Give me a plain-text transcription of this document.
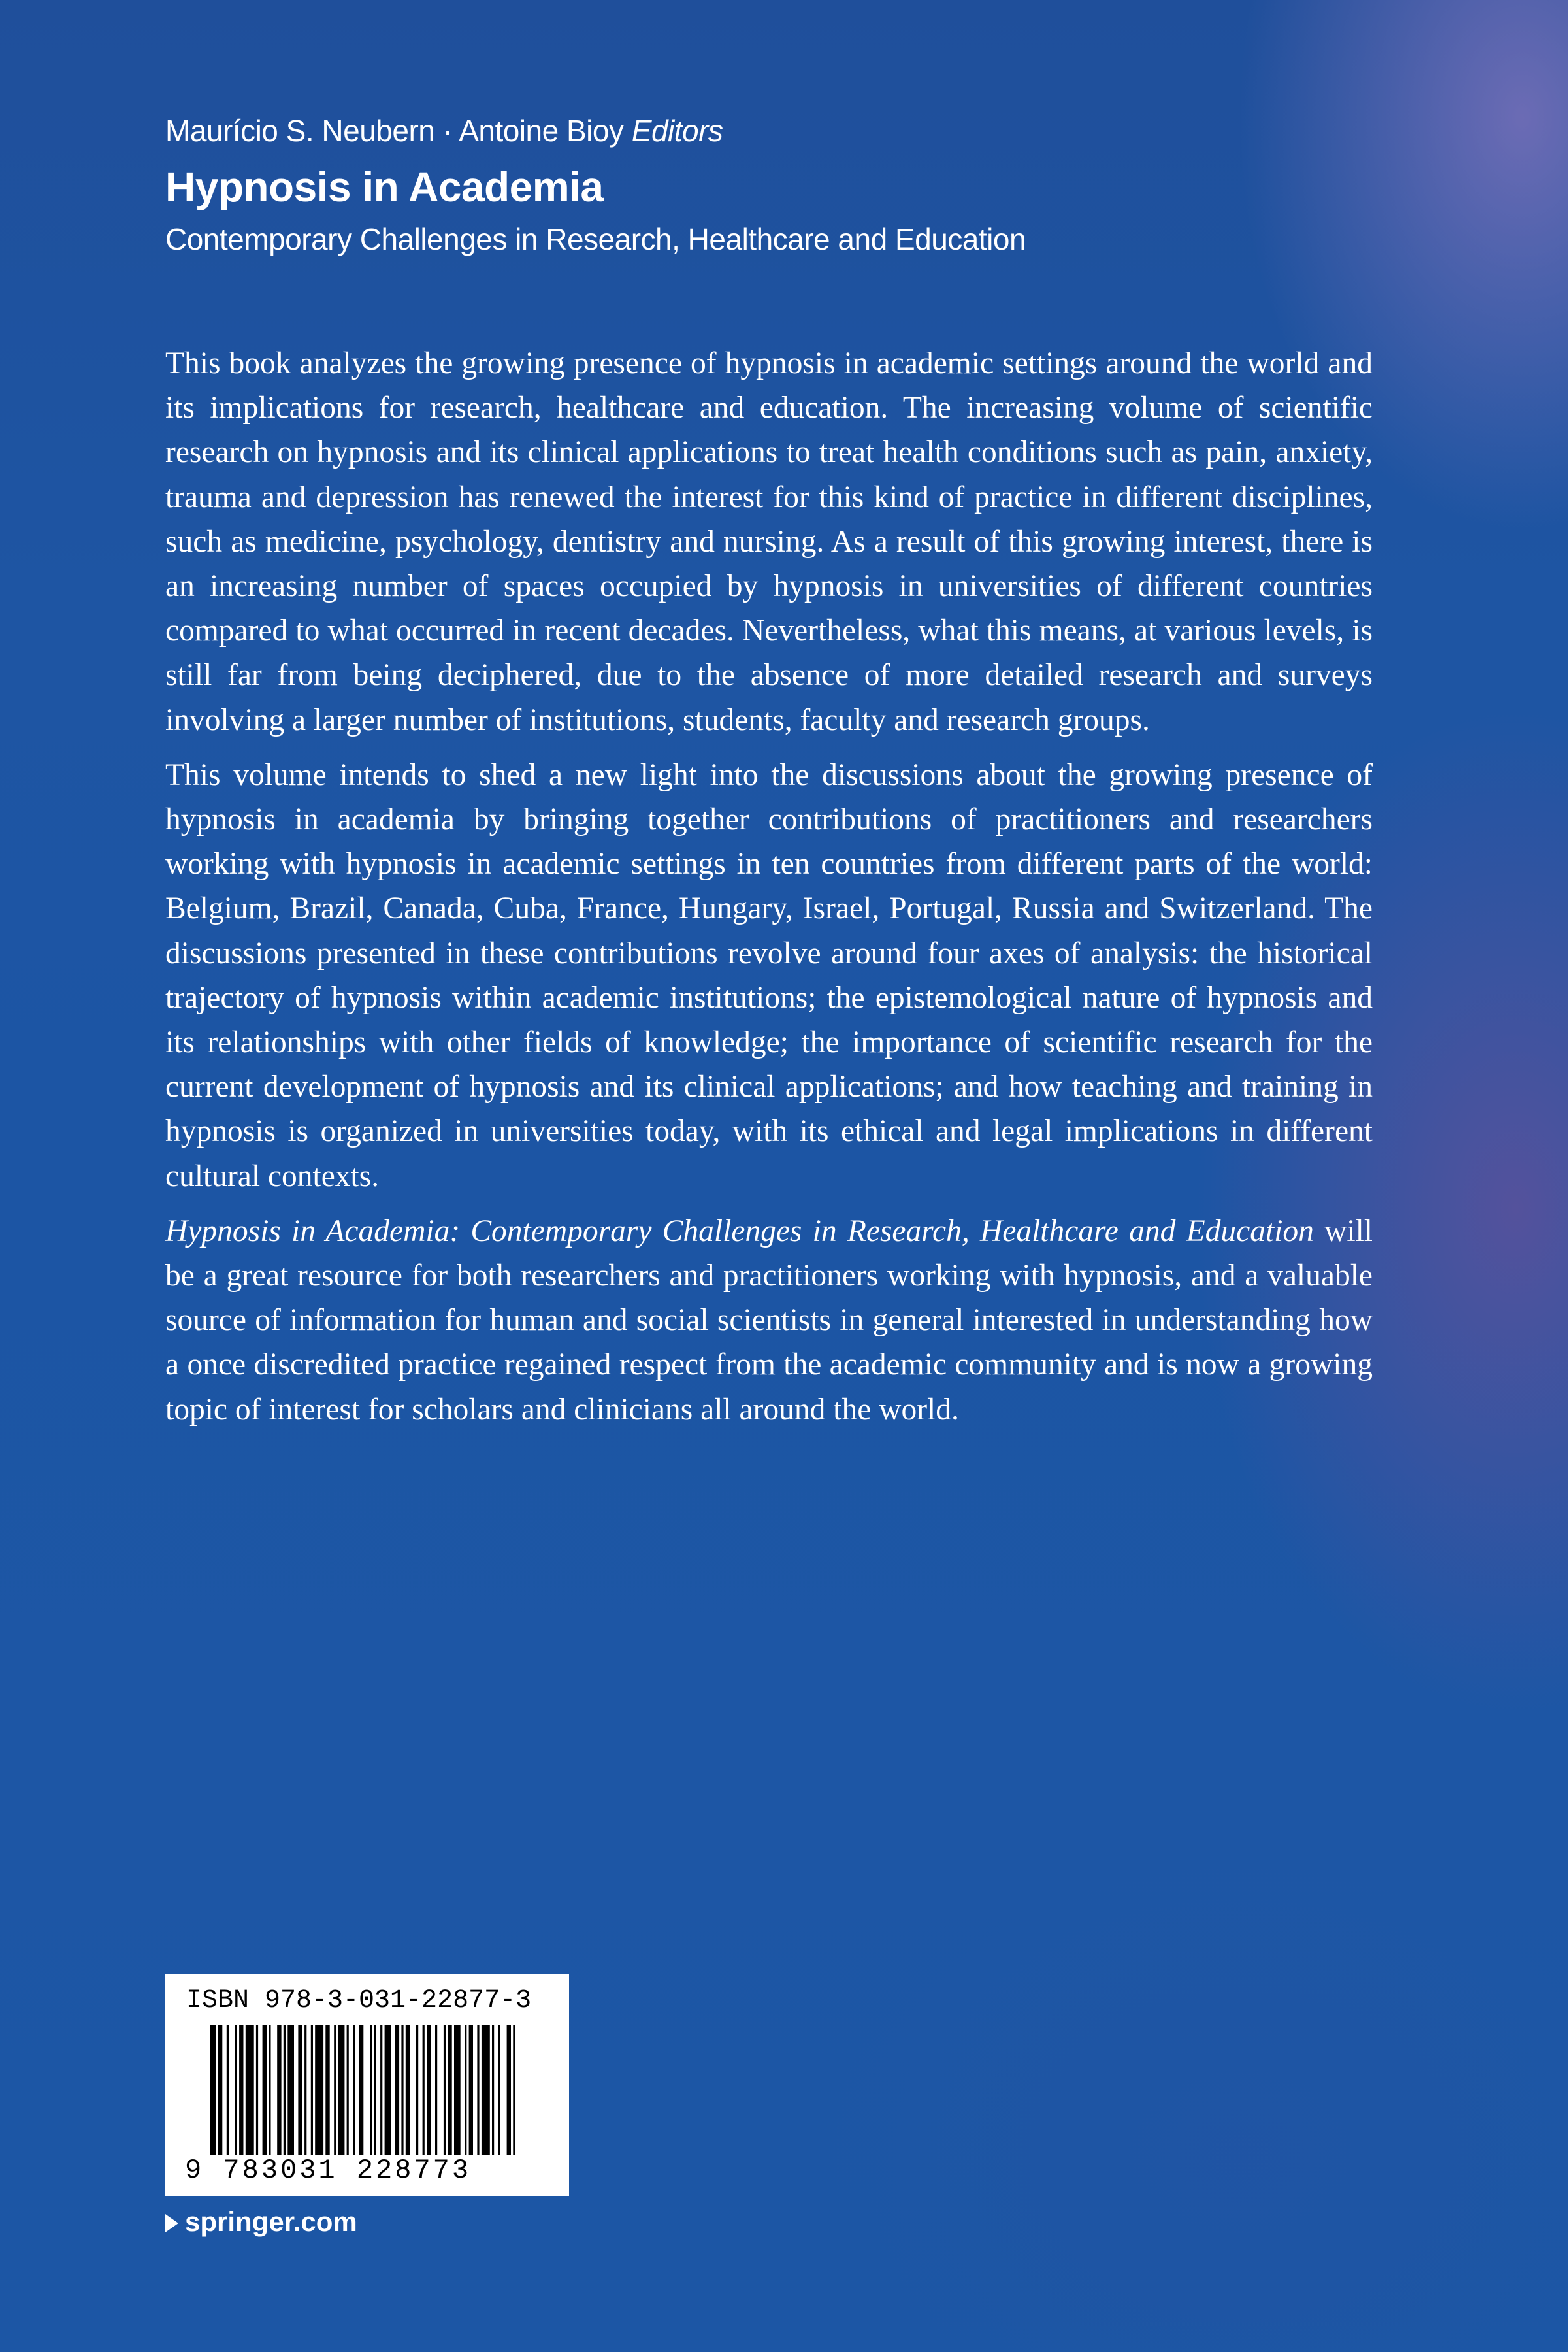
Maurício S. Neubern · Antoine Bioy Editors
Hypnosis in Academia
Contemporary Challenges in Research, Healthcare and Education

This book analyzes the growing presence of hypnosis in academic settings around the world and its implications for research, healthcare and education. The increasing volume of scientific research on hypnosis and its clinical applications to treat health conditions such as pain, anxiety, trauma and depression has renewed the interest for this kind of practice in different disciplines, such as medicine, psychology, dentistry and nursing. As a result of this growing interest, there is an increasing number of spaces occupied by hypnosis in universities of different countries compared to what occurred in recent decades. Nevertheless, what this means, at various levels, is still far from being deciphered, due to the absence of more detailed research and surveys involving a larger number of institutions, students, faculty and research groups.

This volume intends to shed a new light into the discussions about the growing presence of hypnosis in academia by bringing together contributions of practitioners and researchers working with hypnosis in academic settings in ten countries from different parts of the world: Belgium, Brazil, Canada, Cuba, France, Hungary, Israel, Portugal, Russia and Switzerland. The discussions presented in these contributions revolve around four axes of analysis: the historical trajectory of hypnosis within academic institutions; the epistemological nature of hypnosis and its relationships with other fields of knowledge; the importance of scientific research for the current development of hypnosis and its clinical applications; and how teaching and training in hypnosis is organized in universities today, with its ethical and legal implications in different cultural contexts.

Hypnosis in Academia: Contemporary Challenges in Research, Healthcare and Education will be a great resource for both researchers and practitioners working with hypnosis, and a valuable source of information for human and social scientists in general interested in understanding how a once discredited practice regained respect from the academic community and is now a growing topic of interest for scholars and clinicians all around the world.

ISBN 978-3-031-22877-3
9 783031 228773
springer.com
